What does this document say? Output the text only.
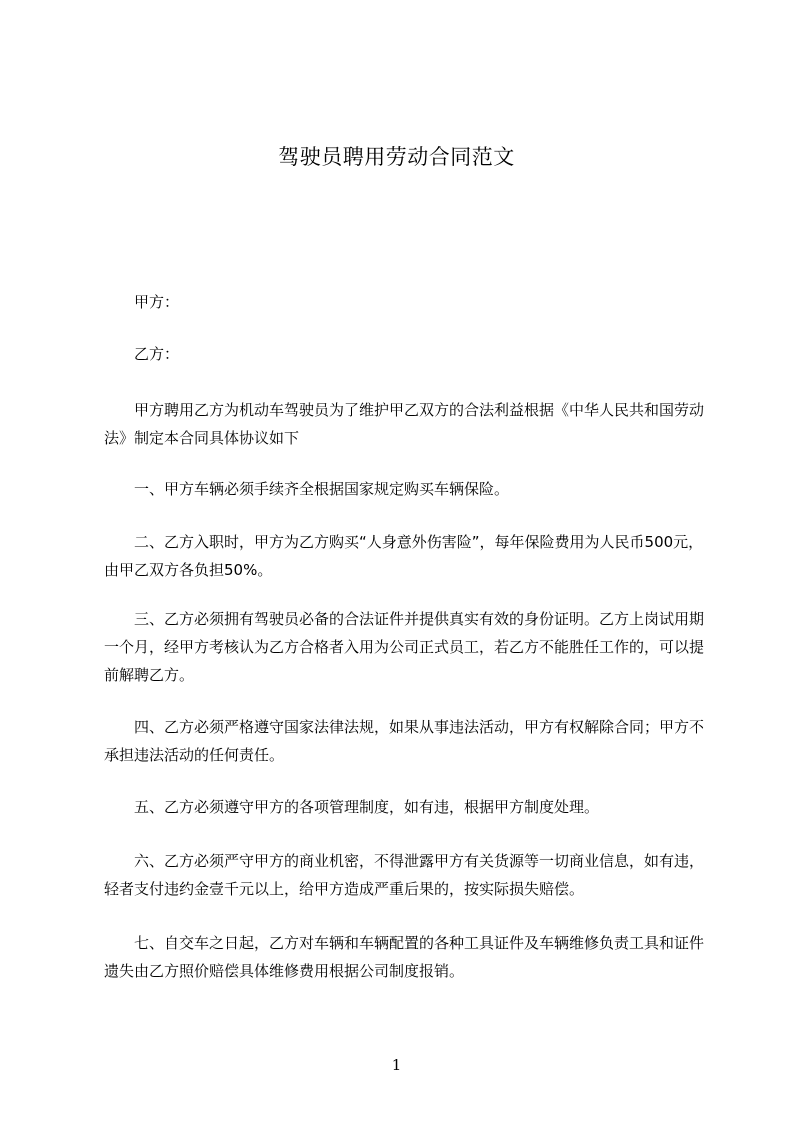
驾驶员聘用劳动合同范文
甲方：
乙方：
甲方聘用乙方为机动车驾驶员为了维护甲乙双方的合法利益根据《中华人民共和国劳动法》制定本合同具体协议如下
一、甲方车辆必须手续齐全根据国家规定购买车辆保险。
二、乙方入职时，甲方为乙方购买“人身意外伤害险”，每年保险费用为人民币500元，由甲乙双方各负担50%。
三、乙方必须拥有驾驶员必备的合法证件并提供真实有效的身份证明。乙方上岗试用期一个月，经甲方考核认为乙方合格者入用为公司正式员工，若乙方不能胜任工作的，可以提前解聘乙方。
四、乙方必须严格遵守国家法律法规，如果从事违法活动，甲方有权解除合同；甲方不承担违法活动的任何责任。
五、乙方必须遵守甲方的各项管理制度，如有违，根据甲方制度处理。
六、乙方必须严守甲方的商业机密，不得泄露甲方有关货源等一切商业信息，如有违，轻者支付违约金壹千元以上，给甲方造成严重后果的，按实际损失赔偿。
七、自交车之日起，乙方对车辆和车辆配置的各种工具证件及车辆维修负责工具和证件遗失由乙方照价赔偿具体维修费用根据公司制度报销。
1
